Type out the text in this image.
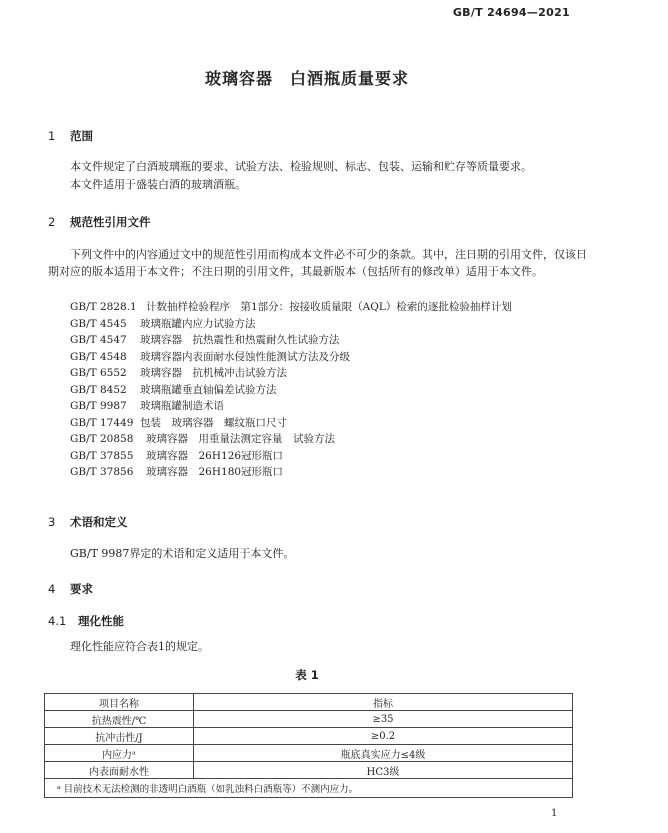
GB/T 24694—2021
玻璃容器　白酒瓶质量要求
1 范围
本文件规定了白酒玻璃瓶的要求、试验方法、检验规则、标志、包装、运输和贮存等质量要求。
本文件适用于盛装白酒的玻璃酒瓶。
2 规范性引用文件
下列文件中的内容通过文中的规范性引用而构成本文件必不可少的条款。其中，注日期的引用文件，仅该日期对应的版本适用于本文件；不注日期的引用文件，其最新版本（包括所有的修改单）适用于本文件。
GB/T 2828.1 计数抽样检验程序　第1部分：按接收质量限（AQL）检索的逐批检验抽样计划
GB/T 4545 玻璃瓶罐内应力试验方法
GB/T 4547 玻璃容器　抗热震性和热震耐久性试验方法
GB/T 4548 玻璃容器内表面耐水侵蚀性能测试方法及分级
GB/T 6552 玻璃容器　抗机械冲击试验方法
GB/T 8452 玻璃瓶罐垂直轴偏差试验方法
GB/T 9987 玻璃瓶罐制造术语
GB/T 17449 包装　玻璃容器　螺纹瓶口尺寸
GB/T 20858 玻璃容器　用重量法测定容量　试验方法
GB/T 37855 玻璃容器　26H126冠形瓶口
GB/T 37856 玻璃容器　26H180冠形瓶口
3 术语和定义
GB/T 9987界定的术语和定义适用于本文件。
4 要求
4.1 理化性能
理化性能应符合表1的规定。
表 1
项目名称	指标
抗热震性/℃	≥35
抗冲击性/J	≥0.2
内应力ᵃ	瓶底真实应力≤4级
内表面耐水性	HC3级
ᵃ 目前技术无法检测的非透明白酒瓶（如乳浊料白酒瓶等）不测内应力。	
1
